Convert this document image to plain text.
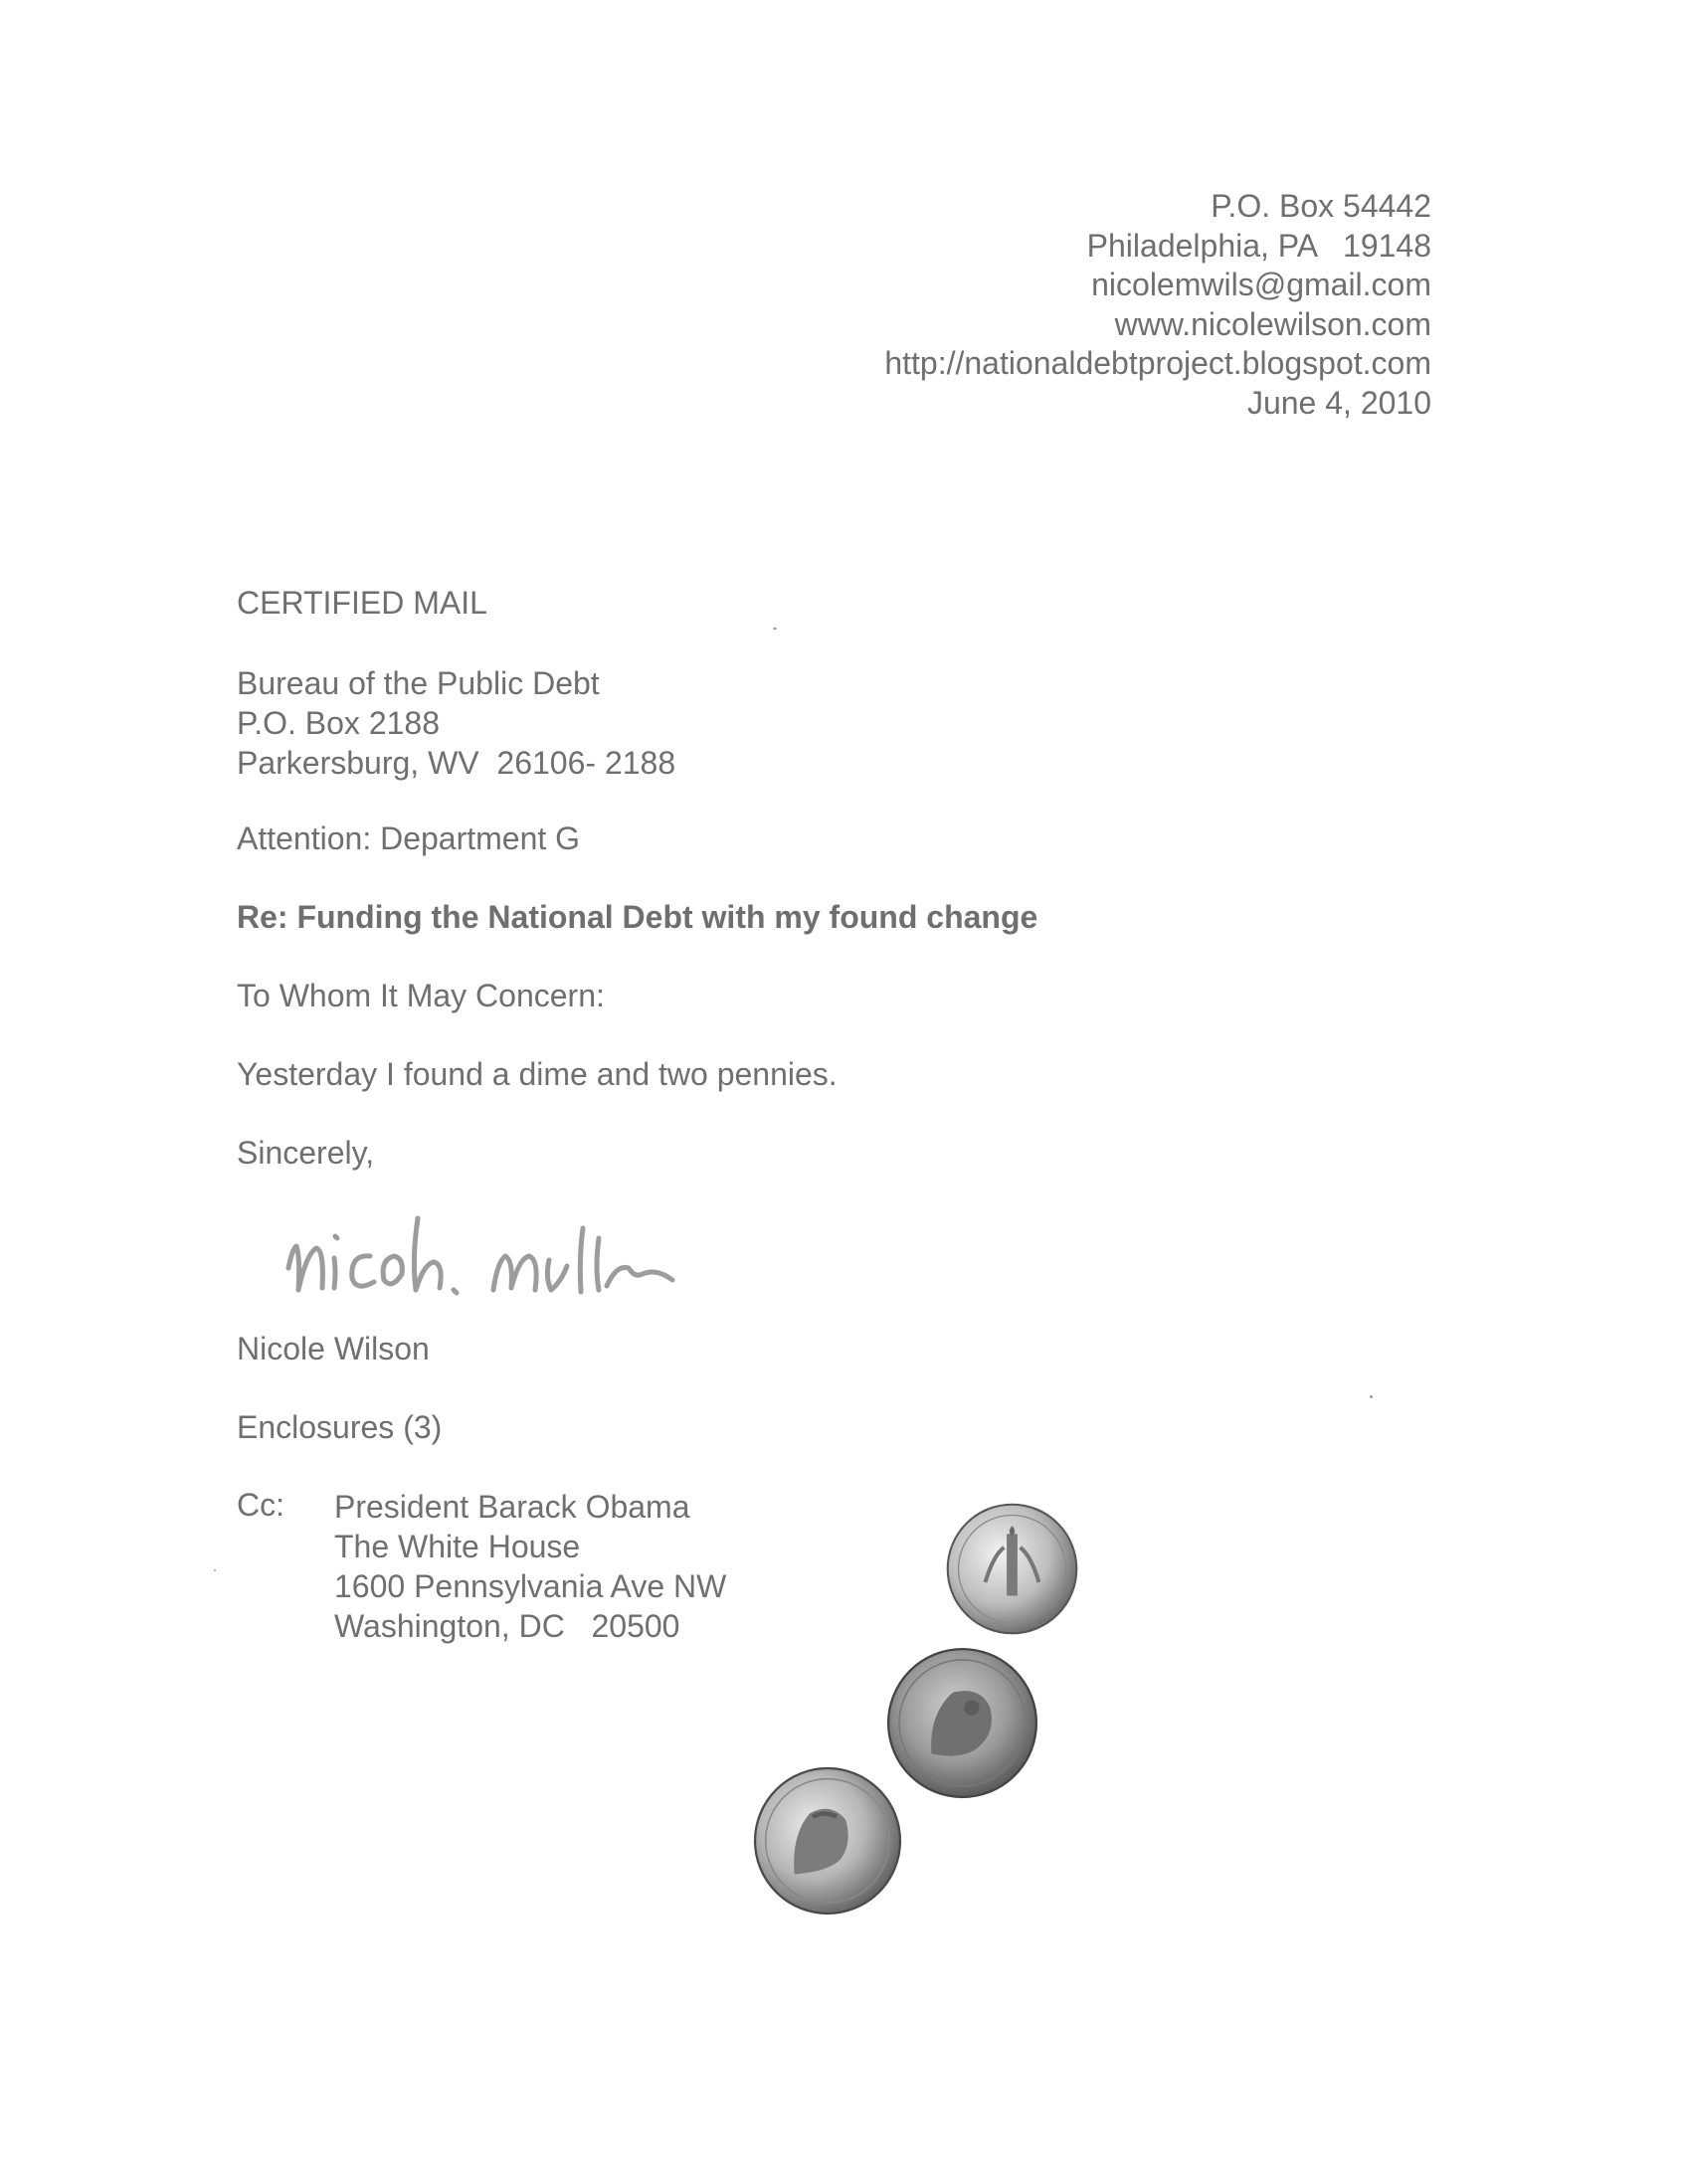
P.O. Box 54442
Philadelphia, PA   19148
nicolemwils@gmail.com
www.nicolewilson.com
http://nationaldebtproject.blogspot.com
June 4, 2010
CERTIFIED MAIL
Bureau of the Public Debt
P.O. Box 2188
Parkersburg, WV  26106- 2188
Attention: Department G
Re: Funding the National Debt with my found change
To Whom It May Concern:
Yesterday I found a dime and two pennies.
Sincerely,
Nicole Wilson
Enclosures (3)
Cc: President Barack Obama
The White House
1600 Pennsylvania Ave NW
Washington, DC   20500
